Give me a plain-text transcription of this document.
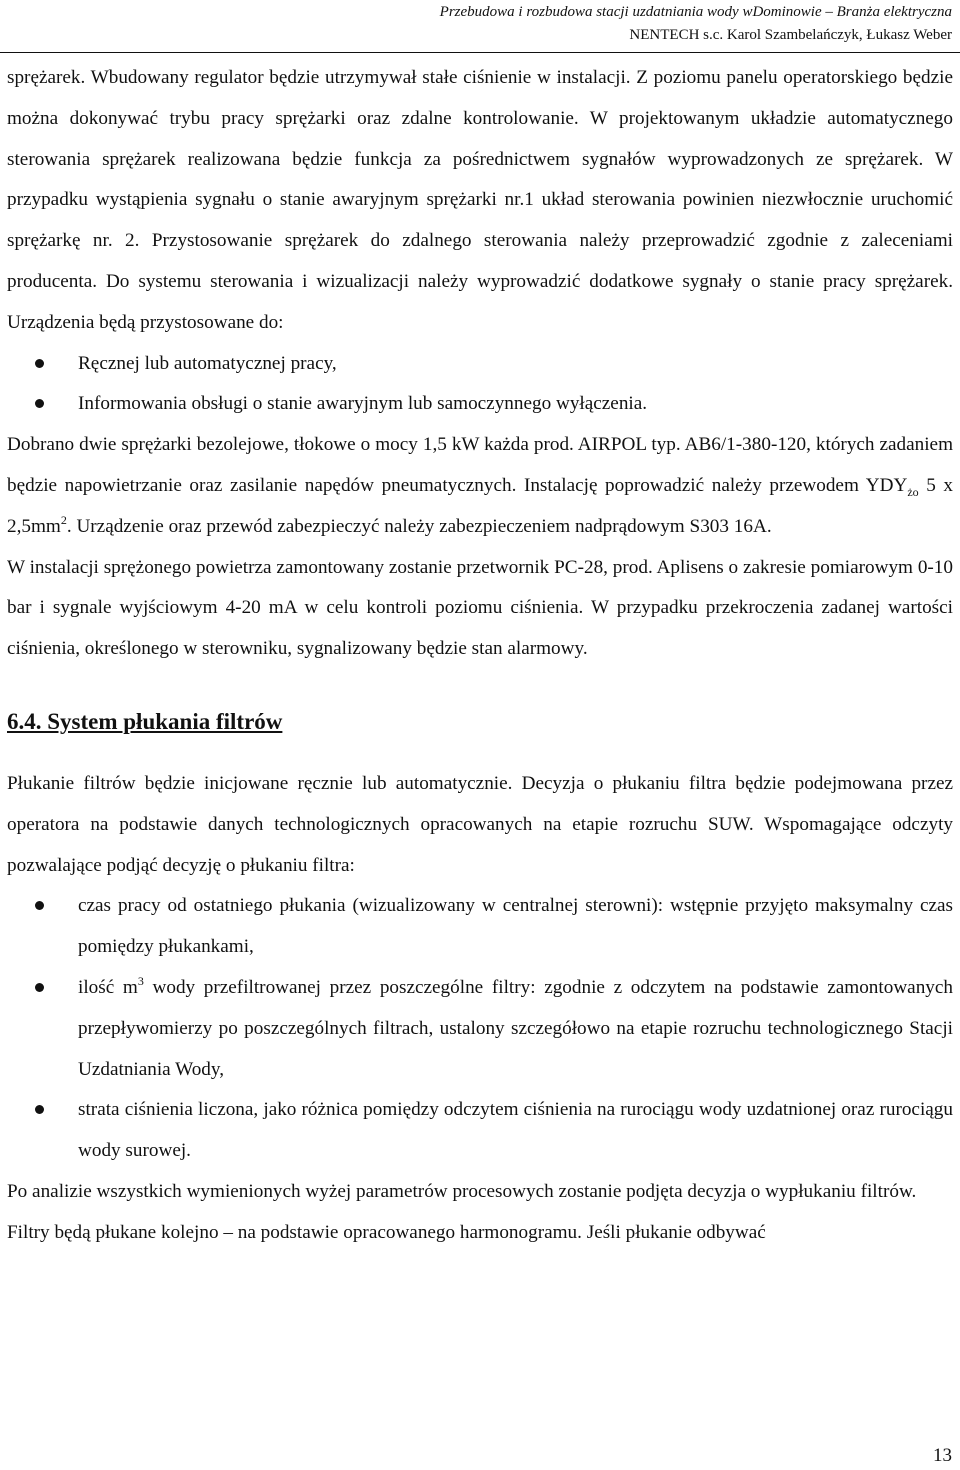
Przebudowa i rozbudowa stacji uzdatniania wody wDominowie – Branża elektryczna
NENTECH s.c. Karol Szambelańczyk, Łukasz Weber

sprężarek. Wbudowany regulator będzie utrzymywał stałe ciśnienie w instalacji. Z poziomu panelu operatorskiego będzie można dokonywać trybu pracy sprężarki oraz zdalne kontrolowanie. W projektowanym układzie automatycznego sterowania sprężarek realizowana będzie funkcja za pośrednictwem sygnałów wyprowadzonych ze sprężarek. W przypadku wystąpienia sygnału o stanie awaryjnym sprężarki nr.1 układ sterowania powinien niezwłocznie uruchomić sprężarkę nr. 2. Przystosowanie sprężarek do zdalnego sterowania należy przeprowadzić zgodnie z zaleceniami producenta. Do systemu sterowania i wizualizacji należy wyprowadzić dodatkowe sygnały o stanie pracy sprężarek. Urządzenia będą przystosowane do:

Ręcznej lub automatycznej pracy,
Informowania obsługi o stanie awaryjnym lub samoczynnego wyłączenia.

Dobrano dwie sprężarki bezolejowe, tłokowe o mocy 1,5 kW każda prod. AIRPOL typ. AB6/1-380-120, których zadaniem będzie napowietrzanie oraz zasilanie napędów pneumatycznych. Instalację poprowadzić należy przewodem $YDY_{żo}$ 5 x $2,5mm^2$. Urządzenie oraz przewód zabezpieczyć należy zabezpieczeniem nadprądowym S303 16A.

W instalacji sprężonego powietrza zamontowany zostanie przetwornik PC-28, prod. Aplisens o zakresie pomiarowym 0-10 bar i sygnale wyjściowym 4-20 mA w celu kontroli poziomu ciśnienia. W przypadku przekroczenia zadanej wartości ciśnienia, określonego w sterowniku, sygnalizowany będzie stan alarmowy.

6.4. System płukania filtrów

Płukanie filtrów będzie inicjowane ręcznie lub automatycznie. Decyzja o płukaniu filtra będzie podejmowana przez operatora na podstawie danych technologicznych opracowanych na etapie rozruchu SUW. Wspomagające odczyty pozwalające podjąć decyzję o płukaniu filtra:

czas pracy od ostatniego płukania (wizualizowany w centralnej sterowni): wstępnie przyjęto maksymalny czas pomiędzy płukankami,
ilość $m^3$ wody przefiltrowanej przez poszczególne filtry: zgodnie z odczytem na podstawie zamontowanych przepływomierzy po poszczególnych filtrach, ustalony szczegółowo na etapie rozruchu technologicznego Stacji Uzdatniania Wody,
strata ciśnienia liczona, jako różnica pomiędzy odczytem ciśnienia na rurociągu wody uzdatnionej oraz rurociągu wody surowej.

Po analizie wszystkich wymienionych wyżej parametrów procesowych zostanie podjęta decyzja o wypłukaniu filtrów.

Filtry będą płukane kolejno – na podstawie opracowanego harmonogramu. Jeśli płukanie odbywać

13
